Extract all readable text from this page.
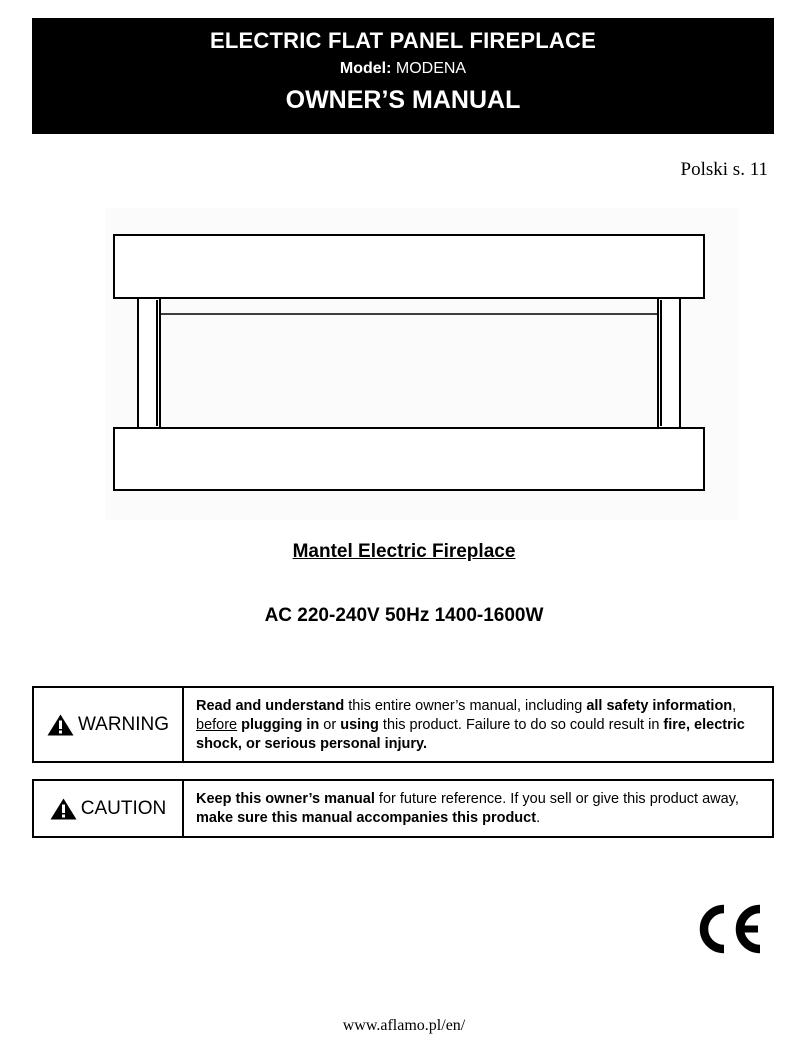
ELECTRIC FLAT PANEL FIREPLACE
Model: MODENA
OWNER’S MANUAL
Polski s. 11
Mantel Electric Fireplace
AC 220-240V 50Hz 1400-1600W
WARNING
Read and understand this entire owner’s manual, including all safety information, before plugging in or using this product. Failure to do so could result in fire, electric shock, or serious personal injury.
CAUTION	Keep this owner’s manual for future reference. If you sell or give this product away, make sure this manual accompanies this product.
www.aflamo.pl/en/
